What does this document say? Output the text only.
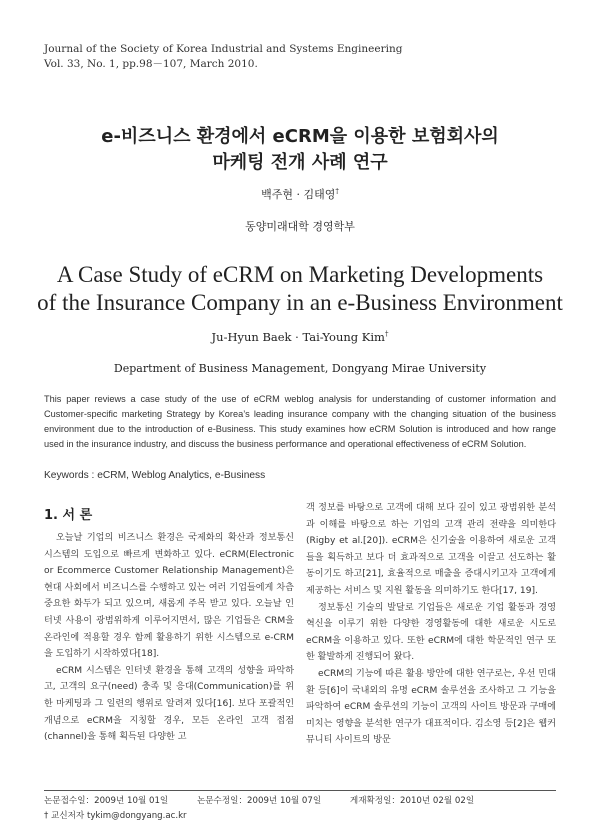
Journal of the Society of Korea Industrial and Systems Engineering
Vol. 33, No. 1, pp.98－107, March 2010.
e-비즈니스 환경에서 eCRM을 이용한 보험회사의
마케팅 전개 사례 연구
백주현 · 김태영†
동양미래대학 경영학부
A Case Study of eCRM on Marketing Developments
of the Insurance Company in an e-Business Environment
Ju-Hyun Baek · Tai-Young Kim†
Department of Business Management, Dongyang Mirae University
This paper reviews a case study of the use of eCRM weblog analysis for understanding of customer information and Customer-specific marketing Strategy by Korea’s leading insurance company with the changing situation of the business environment due to the introduction of e-Business. This study examines how eCRM Solution is introduced and how range used in the insurance industry, and discuss the business performance and operational effectiveness of eCRM Solution.
Keywords : eCRM, Weblog Analytics, e-Business
1. 서 론

오늘날 기업의 비즈니스 환경은 국제화의 확산과 정보통신 시스템의 도입으로 빠르게 변화하고 있다. eCRM(Electronic or Ecommerce Customer Relationship Management)은 현대 사회에서 비즈니스를 수행하고 있는 여러 기업들에게 차츰 중요한 화두가 되고 있으며, 새롭게 주목 받고 있다. 오늘날 인터넷 사용이 광범위하게 이루어지면서, 많은 기업들은 CRM을 온라인에 적용할 경우 함께 활용하기 위한 시스템으로 e-CRM을 도입하기 시작하였다[18].

eCRM 시스템은 인터넷 환경을 통해 고객의 성향을 파악하고, 고객의 요구(need) 충족 및 응대(Communication)를 위한 마케팅과 그 일련의 행위로 알려져 있다[16]. 보다 포괄적인 개념으로 eCRM을 지칭할 경우, 모든 온라인 고객 접점(channel)을 통해 획득된 다양한 고

객 정보를 바탕으로 고객에 대해 보다 깊이 있고 광범위한 분석과 이해를 바탕으로 하는 기업의 고객 관리 전략을 의미한다(Rigby et al.[20]). eCRM은 신기술을 이용하여 새로운 고객들을 획득하고 보다 더 효과적으로 고객을 이끌고 선도하는 활동이기도 하고[21], 효율적으로 매출을 증대시키고자 고객에게 제공하는 서비스 및 지원 활동을 의미하기도 한다[17, 19].

정보통신 기술의 발달로 기업들은 새로운 기업 활동과 경영혁신을 이루기 위한 다양한 경영활동에 대한 새로운 시도로 eCRM을 이용하고 있다. 또한 eCRM에 대한 학문적인 연구 또한 활발하게 진행되어 왔다.

eCRM의 기능에 따른 활용 방안에 대한 연구로는, 우선 민대환 등[6]이 국내외의 유명 eCRM 솔루션을 조사하고 그 기능을 파악하여 eCRM 솔루션의 기능이 고객의 사이트 방문과 구매에 미치는 영향을 분석한 연구가 대표적이다. 김소영 등[2]은 웹커뮤니티 사이트의 방문

논문접수일：2009년 10월 01일	논문수정일：2009년 10월 07일	게재확정일：2010년 02월 02일
† 교신저자 tykim@dongyang.ac.kr
